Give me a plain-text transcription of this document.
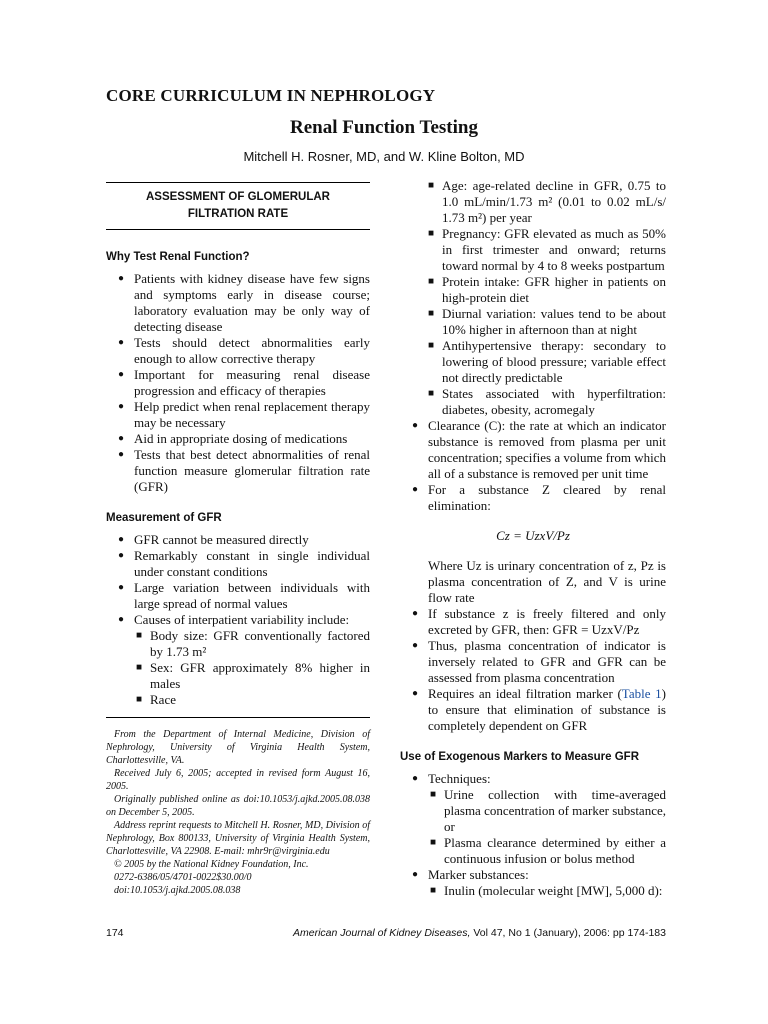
CORE CURRICULUM IN NEPHROLOGY
Renal Function Testing
Mitchell H. Rosner, MD, and W. Kline Bolton, MD
ASSESSMENT OF GLOMERULAR
FILTRATION RATE
Why Test Renal Function?
● Patients with kidney disease have few signs and symptoms early in disease course; laboratory evaluation may be only way of detecting disease
● Tests should detect abnormalities early enough to allow corrective therapy
● Important for measuring renal disease progression and efficacy of therapies
● Help predict when renal replacement therapy may be necessary
● Aid in appropriate dosing of medications
● Tests that best detect abnormalities of renal function measure glomerular filtration rate (GFR)
Measurement of GFR
● GFR cannot be measured directly
● Remarkably constant in single individual under constant conditions
● Large variation between individuals with large spread of normal values
● Causes of interpatient variability include:
■ Body size: GFR conventionally factored by 1.73 m²
■ Sex: GFR approximately 8% higher in males
■ Race

From the Department of Internal Medicine, Division of Nephrology, University of Virginia Health System, Charlottesville, VA.

Received July 6, 2005; accepted in revised form August 16, 2005.

Originally published online as doi:10.1053/j.ajkd.2005.08.038 on December 5, 2005.

Address reprint requests to Mitchell H. Rosner, MD, Division of Nephrology, Box 800133, University of Virginia Health System, Charlottesville, VA 22908. E-mail: mhr9r@virginia.edu

© 2005 by the National Kidney Foundation, Inc.

0272-6386/05/4701-0022$30.00/0

doi:10.1053/j.ajkd.2005.08.038

■ Age: age-related decline in GFR, 0.75 to 1.0 mL/min/1.73 m² (0.01 to 0.02 mL/s/ 1.73 m²) per year
■ Pregnancy: GFR elevated as much as 50% in first trimester and onward; returns toward normal by 4 to 8 weeks postpartum
■ Protein intake: GFR higher in patients on high-protein diet
■ Diurnal variation: values tend to be about 10% higher in afternoon than at night
■ Antihypertensive therapy: secondary to lowering of blood pressure; variable effect not directly predictable
■ States associated with hyperfiltration: diabetes, obesity, acromegaly
● Clearance (C): the rate at which an indicator substance is removed from plasma per unit concentration; specifies a volume from which all of a substance is removed per unit time
● For a substance Z cleared by renal elimination:
Cz = UzxV/Pz
Where Uz is urinary concentration of z, Pz is plasma concentration of Z, and V is urine flow rate
● If substance z is freely filtered and only excreted by GFR, then: GFR = UzxV/Pz
● Thus, plasma concentration of indicator is inversely related to GFR and GFR can be assessed from plasma concentration
● Requires an ideal filtration marker (Table 1) to ensure that elimination of substance is completely dependent on GFR
Use of Exogenous Markers to Measure GFR
● Techniques:
■ Urine collection with time-averaged plasma concentration of marker substance, or
■ Plasma clearance determined by either a continuous infusion or bolus method
● Marker substances:
■ Inulin (molecular weight [MW], 5,000 d):
174	American Journal of Kidney Diseases, Vol 47, No 1 (January), 2006: pp 174-183
